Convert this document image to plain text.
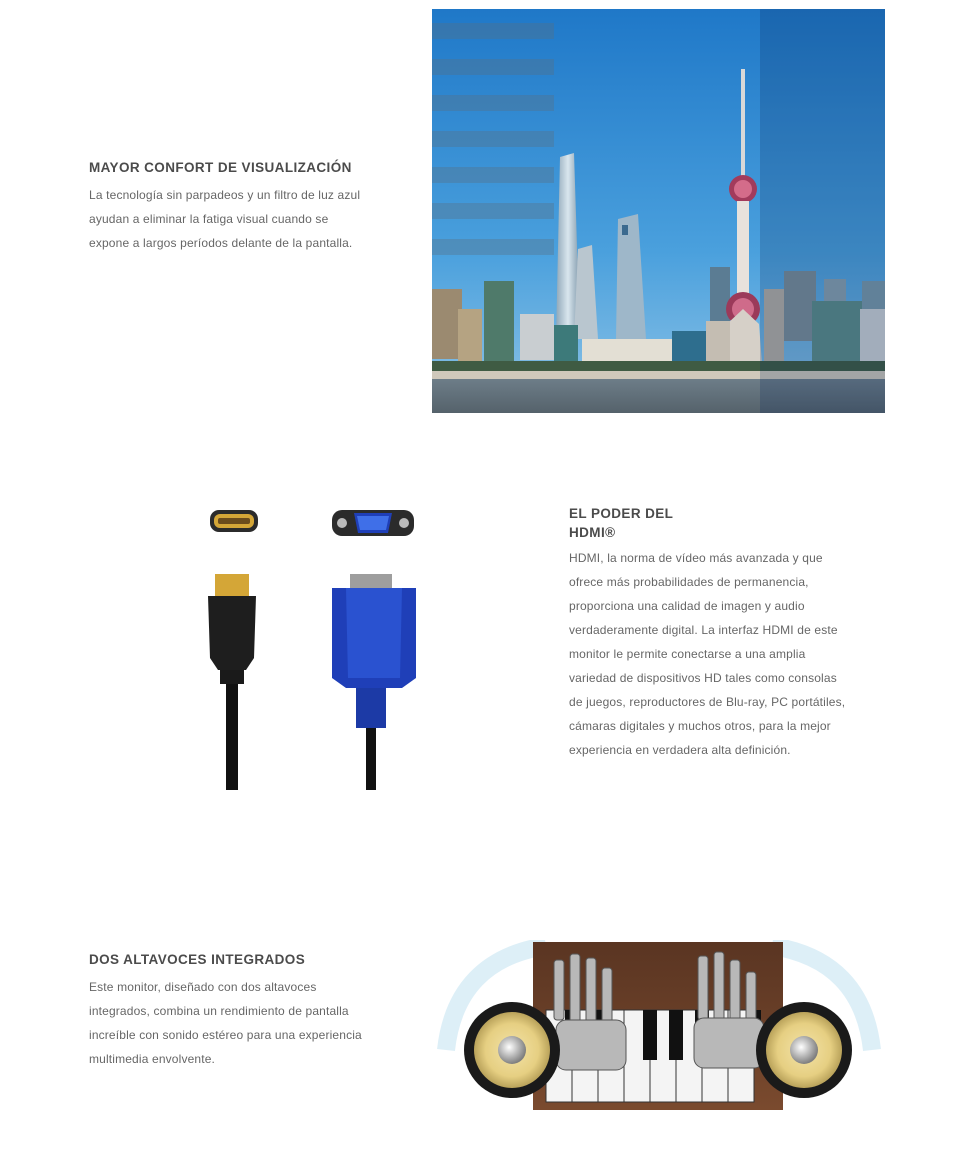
MAYOR CONFORT DE VISUALIZACIÓN
La tecnología sin parpadeos y un filtro de luz azul
ayudan a eliminar la fatiga visual cuando se
expone a largos períodos delante de la pantalla.
EL PODER DEL
HDMI®
HDMI, la norma de vídeo más avanzada y que
ofrece más probabilidades de permanencia,
proporciona una calidad de imagen y audio
verdaderamente digital. La interfaz HDMI de este
monitor le permite conectarse a una amplia
variedad de dispositivos HD tales como consolas
de juegos, reproductores de Blu-ray, PC portátiles,
cámaras digitales y muchos otros, para la mejor
experiencia en verdadera alta definición.
DOS ALTAVOCES INTEGRADOS
Este monitor, diseñado con dos altavoces
integrados, combina un rendimiento de pantalla
increíble con sonido estéreo para una experiencia
multimedia envolvente.
